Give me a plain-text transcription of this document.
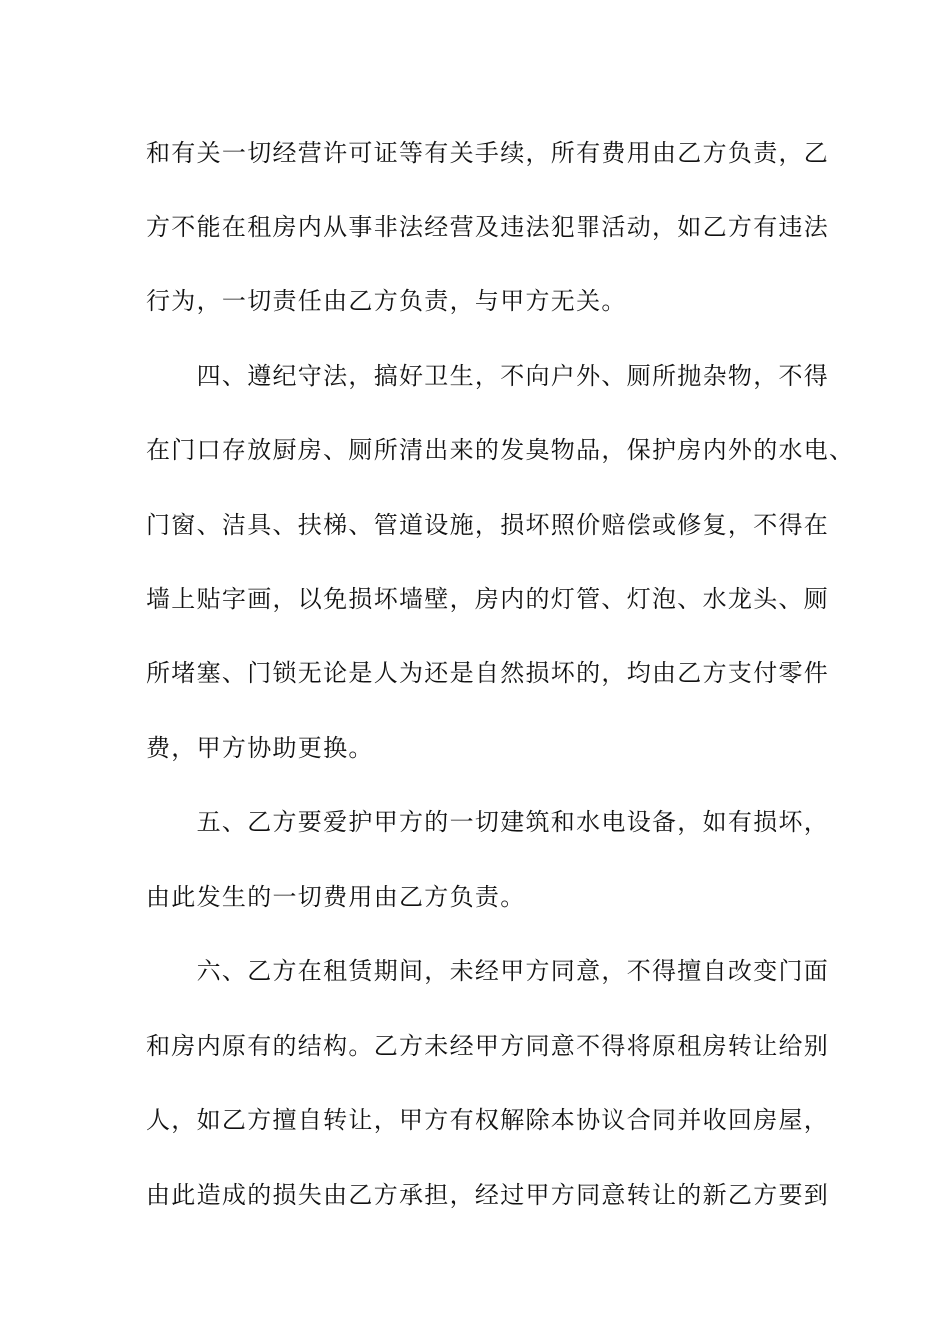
和有关一切经营许可证等有关手续，所有费用由乙方负责，乙
方不能在租房内从事非法经营及违法犯罪活动，如乙方有违法
行为，一切责任由乙方负责，与甲方无关。
　　四、遵纪守法，搞好卫生，不向户外、厕所抛杂物，不得
在门口存放厨房、厕所清出来的发臭物品，保护房内外的水电、
门窗、洁具、扶梯、管道设施，损坏照价赔偿或修复，不得在
墙上贴字画，以免损坏墙壁，房内的灯管、灯泡、水龙头、厕
所堵塞、门锁无论是人为还是自然损坏的，均由乙方支付零件
费，甲方协助更换。
　　五、乙方要爱护甲方的一切建筑和水电设备，如有损坏，
由此发生的一切费用由乙方负责。
　　六、乙方在租赁期间，未经甲方同意，不得擅自改变门面
和房内原有的结构。乙方未经甲方同意不得将原租房转让给别
人，如乙方擅自转让，甲方有权解除本协议合同并收回房屋，
由此造成的损失由乙方承担，经过甲方同意转让的新乙方要到
